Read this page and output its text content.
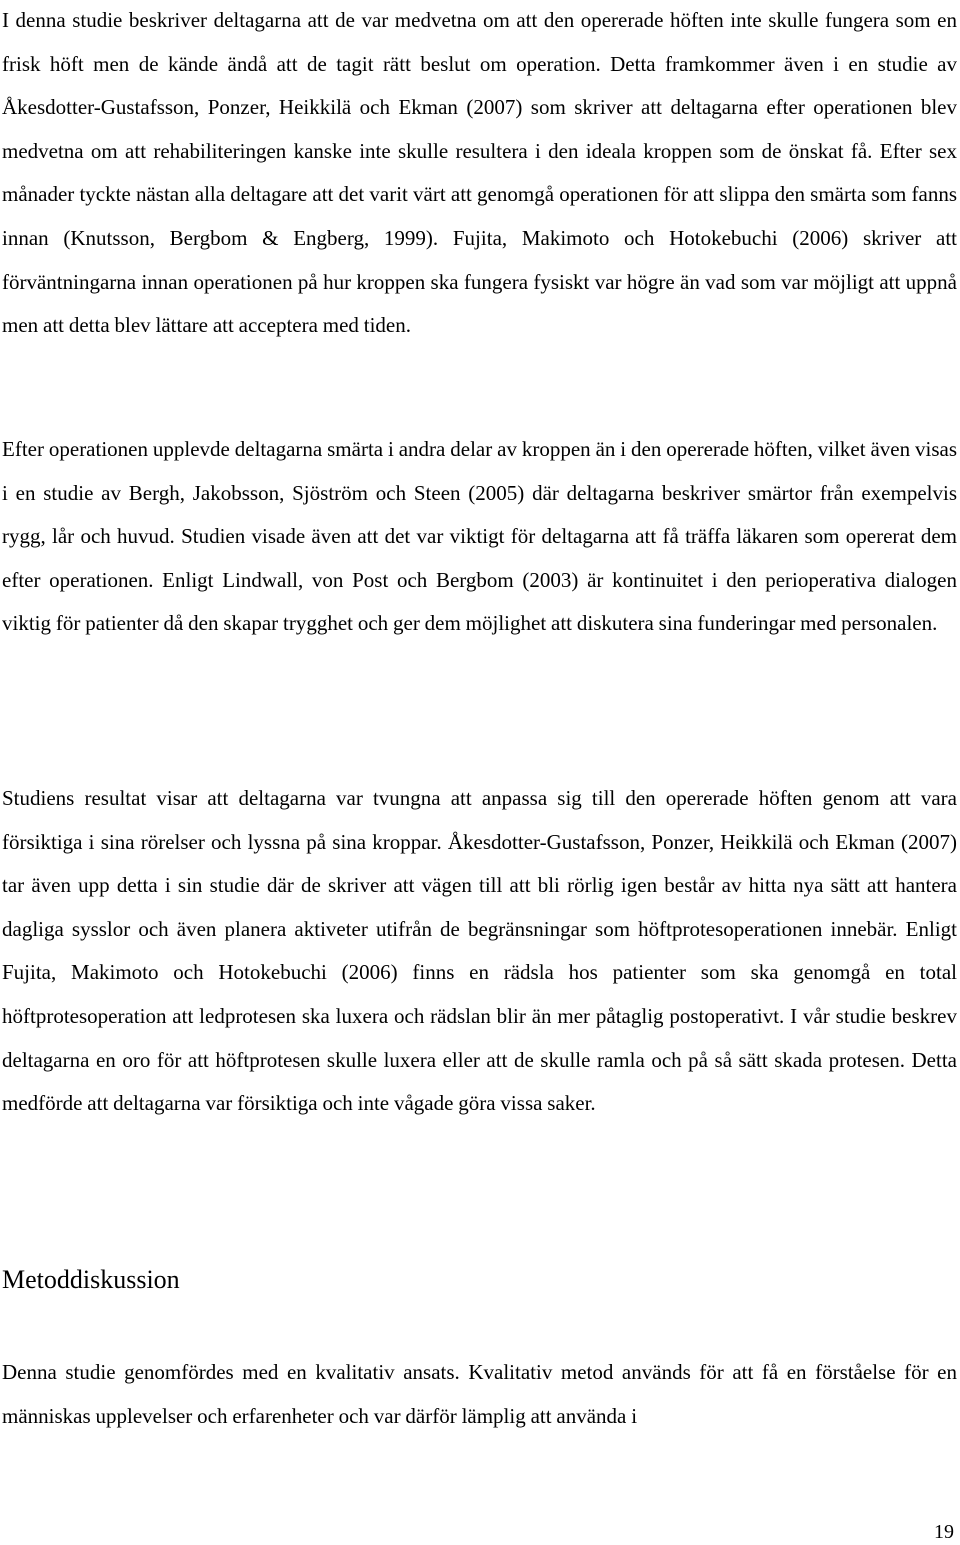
I denna studie beskriver deltagarna att de var medvetna om att den opererade höften inte skulle fungera som en frisk höft men de kände ändå att de tagit rätt beslut om operation. Detta framkommer även i en studie av Åkesdotter-Gustafsson, Ponzer, Heikkilä och Ekman (2007) som skriver att deltagarna efter operationen blev medvetna om att rehabiliteringen kanske inte skulle resultera i den ideala kroppen som de önskat få. Efter sex månader tyckte nästan alla deltagare att det varit värt att genomgå operationen för att slippa den smärta som fanns innan (Knutsson, Bergbom & Engberg, 1999). Fujita, Makimoto och Hotokebuchi (2006) skriver att förväntningarna innan operationen på hur kroppen ska fungera fysiskt var högre än vad som var möjligt att uppnå men att detta blev lättare att acceptera med tiden.

Efter operationen upplevde deltagarna smärta i andra delar av kroppen än i den opererade höften, vilket även visas i en studie av Bergh, Jakobsson, Sjöström och Steen (2005) där deltagarna beskriver smärtor från exempelvis rygg, lår och huvud. Studien visade även att det var viktigt för deltagarna att få träffa läkaren som opererat dem efter operationen. Enligt Lindwall, von Post och Bergbom (2003) är kontinuitet i den perioperativa dialogen viktig för patienter då den skapar trygghet och ger dem möjlighet att diskutera sina funderingar med personalen.

Studiens resultat visar att deltagarna var tvungna att anpassa sig till den opererade höften genom att vara försiktiga i sina rörelser och lyssna på sina kroppar. Åkesdotter-Gustafsson, Ponzer, Heikkilä och Ekman (2007) tar även upp detta i sin studie där de skriver att vägen till att bli rörlig igen består av hitta nya sätt att hantera dagliga sysslor och även planera aktiveter utifrån de begränsningar som höftprotesoperationen innebär. Enligt Fujita, Makimoto och Hotokebuchi (2006) finns en rädsla hos patienter som ska genomgå en total höftprotesoperation att ledprotesen ska luxera och rädslan blir än mer påtaglig postoperativt. I vår studie beskrev deltagarna en oro för att höftprotesen skulle luxera eller att de skulle ramla och på så sätt skada protesen. Detta medförde att deltagarna var försiktiga och inte vågade göra vissa saker.

Metoddiskussion

Denna studie genomfördes med en kvalitativ ansats. Kvalitativ metod används för att få en förståelse för en människas upplevelser och erfarenheter och var därför lämplig att använda i

19
